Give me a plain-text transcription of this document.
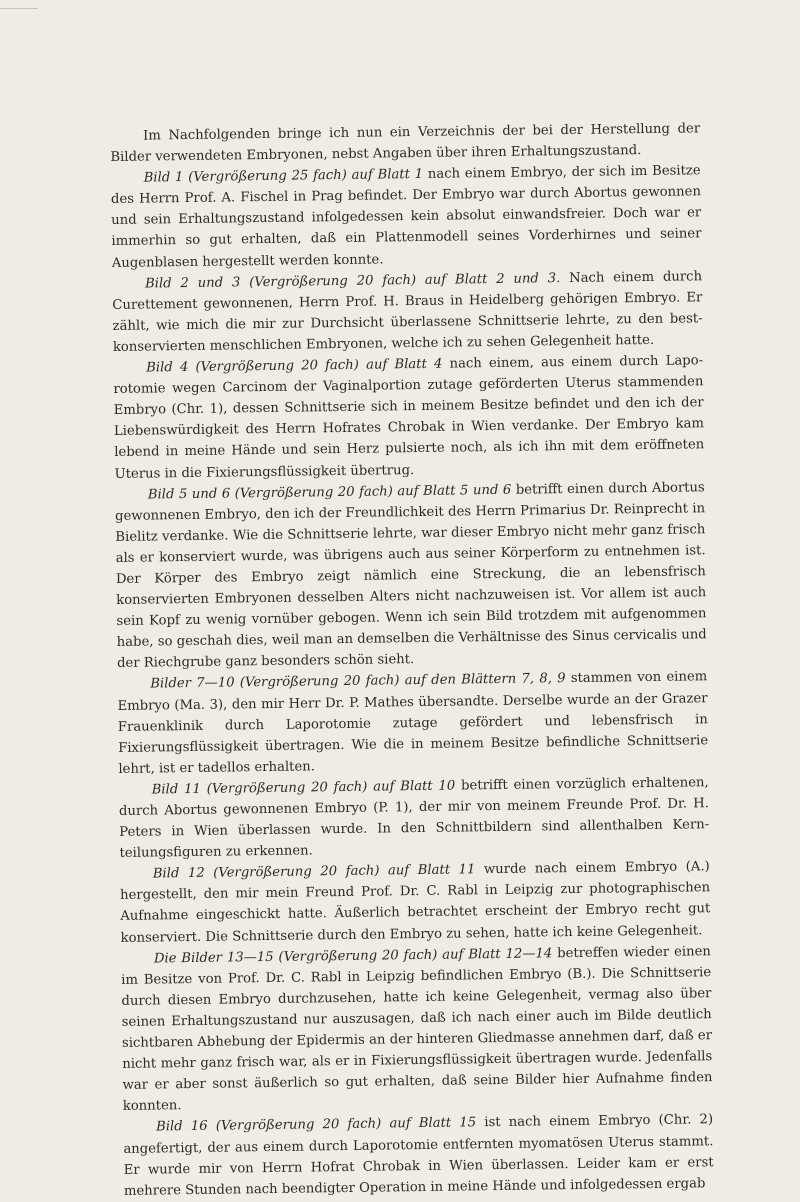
Im Nachfolgenden bringe ich nun ein Verzeichnis der bei der Herstellung der Bilder verwendeten Embryonen, nebst Angaben über ihren Erhaltungszustand.

Bild 1 (Vergrößerung 25 fach) auf Blatt 1 nach einem Embryo, der sich im Besitze des Herrn Prof. A. Fischel in Prag befindet. Der Embryo war durch Abortus gewonnen und sein Erhaltungszustand infolgedessen kein absolut einwandsfreier. Doch war er immerhin so gut erhalten, daß ein Plattenmodell seines Vorderhirnes und seiner Augenblasen hergestellt werden konnte.

Bild 2 und 3 (Vergrößerung 20 fach) auf Blatt 2 und 3. Nach einem durch Curettement gewonnenen, Herrn Prof. H. Braus in Heidelberg gehörigen Embryo. Er zählt, wie mich die mir zur Durchsicht überlassene Schnittserie lehrte, zu den bestkonservierten menschlichen Embryonen, welche ich zu sehen Gelegenheit hatte.

Bild 4 (Vergrößerung 20 fach) auf Blatt 4 nach einem, aus einem durch Laporotomie wegen Carcinom der Vaginalportion zutage geförderten Uterus stammenden Embryo (Chr. 1), dessen Schnittserie sich in meinem Besitze befindet und den ich der Liebenswürdigkeit des Herrn Hofrates Chrobak in Wien verdanke. Der Embryo kam lebend in meine Hände und sein Herz pulsierte noch, als ich ihn mit dem eröffneten Uterus in die Fixierungsflüssigkeit übertrug.

Bild 5 und 6 (Vergrößerung 20 fach) auf Blatt 5 und 6 betrifft einen durch Abortus gewonnenen Embryo, den ich der Freundlichkeit des Herrn Primarius Dr. Reinprecht in Bielitz verdanke. Wie die Schnittserie lehrte, war dieser Embryo nicht mehr ganz frisch als er konserviert wurde, was übrigens auch aus seiner Körperform zu entnehmen ist. Der Körper des Embryo zeigt nämlich eine Streckung, die an lebensfrisch konservierten Embryonen desselben Alters nicht nachzuweisen ist. Vor allem ist auch sein Kopf zu wenig vornüber gebogen. Wenn ich sein Bild trotzdem mit aufgenommen habe, so geschah dies, weil man an demselben die Verhältnisse des Sinus cervicalis und der Riechgrube ganz besonders schön sieht.

Bilder 7—10 (Vergrößerung 20 fach) auf den Blättern 7, 8, 9 stammen von einem Embryo (Ma. 3), den mir Herr Dr. P. Mathes übersandte. Derselbe wurde an der Grazer Frauenklinik durch Laporotomie zutage gefördert und lebensfrisch in Fixierungsflüssigkeit übertragen. Wie die in meinem Besitze befindliche Schnittserie lehrt, ist er tadellos erhalten.

Bild 11 (Vergrößerung 20 fach) auf Blatt 10 betrifft einen vorzüglich erhaltenen, durch Abortus gewonnenen Embryo (P. 1), der mir von meinem Freunde Prof. Dr. H. Peters in Wien überlassen wurde. In den Schnittbildern sind allenthalben Kernteilungsfiguren zu erkennen.

Bild 12 (Vergrößerung 20 fach) auf Blatt 11 wurde nach einem Embryo (A.) hergestellt, den mir mein Freund Prof. Dr. C. Rabl in Leipzig zur photographischen Aufnahme eingeschickt hatte. Äußerlich betrachtet erscheint der Embryo recht gut konserviert. Die Schnittserie durch den Embryo zu sehen, hatte ich keine Gelegenheit.

Die Bilder 13—15 (Vergrößerung 20 fach) auf Blatt 12—14 betreffen wieder einen im Besitze von Prof. Dr. C. Rabl in Leipzig befindlichen Embryo (B.). Die Schnittserie durch diesen Embryo durchzusehen, hatte ich keine Gelegenheit, vermag also über seinen Erhaltungszustand nur auszusagen, daß ich nach einer auch im Bilde deutlich sichtbaren Abhebung der Epidermis an der hinteren Gliedmasse annehmen darf, daß er nicht mehr ganz frisch war, als er in Fixierungsflüssigkeit übertragen wurde. Jedenfalls war er aber sonst äußerlich so gut erhalten, daß seine Bilder hier Aufnahme finden konnten.

Bild 16 (Vergrößerung 20 fach) auf Blatt 15 ist nach einem Embryo (Chr. 2) angefertigt, der aus einem durch Laporotomie entfernten myomatösen Uterus stammt. Er wurde mir von Herrn Hofrat Chrobak in Wien überlassen. Leider kam er erst mehrere Stunden nach beendigter Operation in meine Hände und infolgedessen ergab
